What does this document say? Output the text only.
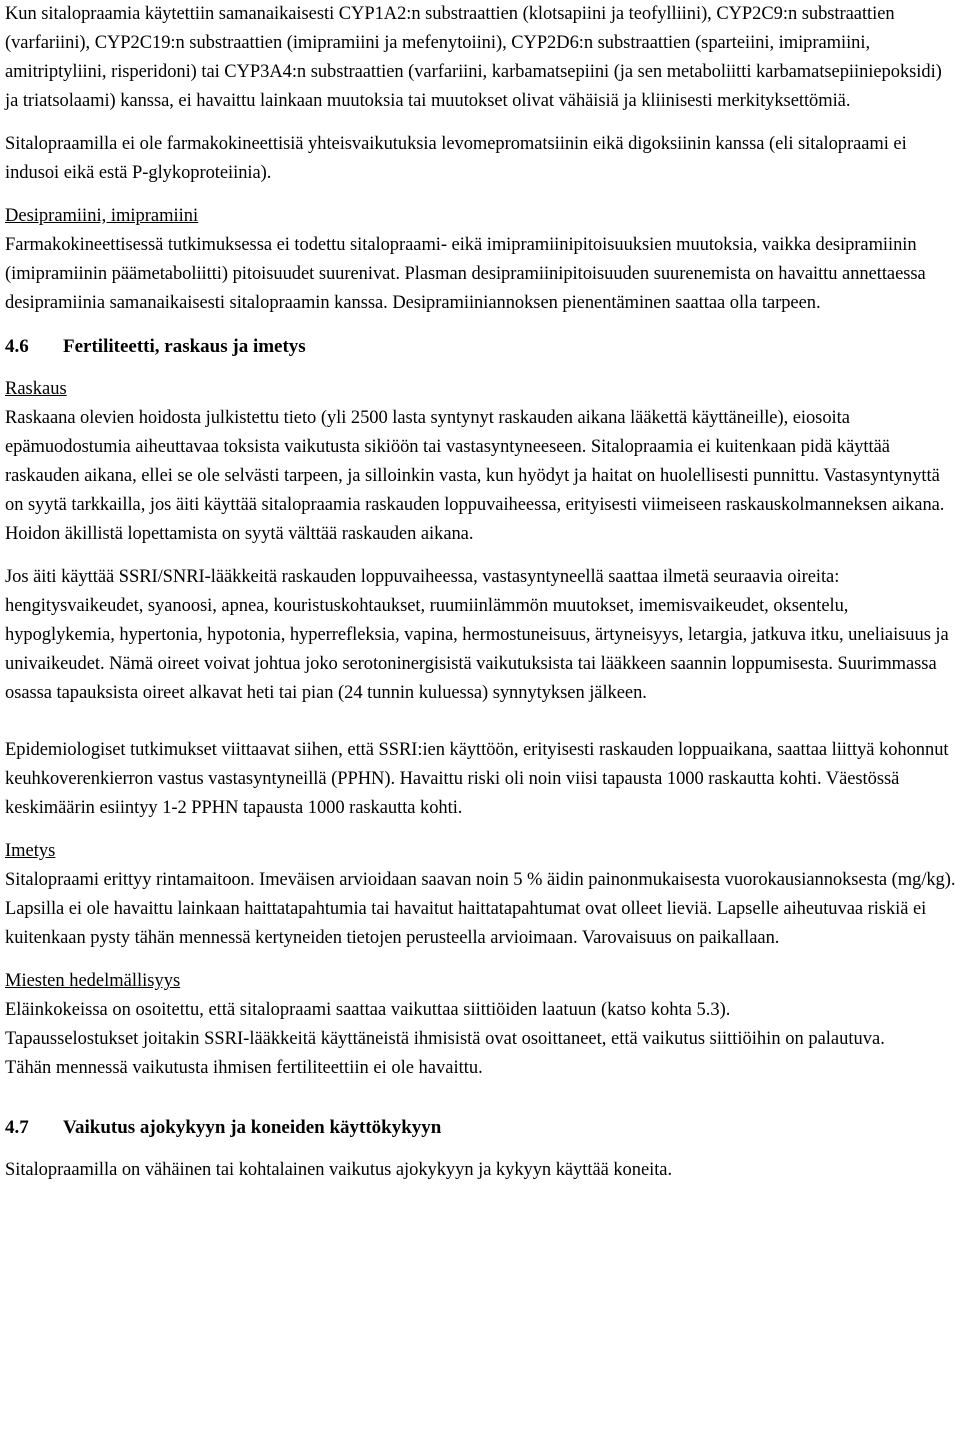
Kun sitalopraamia käytettiin samanaikaisesti CYP1A2:n substraattien (klotsapiini ja teofylliini), CYP2C9:n substraattien (varfariini), CYP2C19:n substraattien (imipramiini ja mefenytoiini), CYP2D6:n substraattien (sparteiini, imipramiini, amitriptyliini, risperidoni) tai CYP3A4:n substraattien (varfariini, karbamatsepiini (ja sen metaboliitti karbamatsepiiniepoksidi) ja triatsolaami) kanssa, ei havaittu lainkaan muutoksia tai muutokset olivat vähäisiä ja kliinisesti merkityksettömiä.

Sitalopraamilla ei ole farmakokineettisiä yhteisvaikutuksia levomepromatsiinin eikä digoksiinin kanssa (eli sitalopraami ei indusoi eikä estä P-glykoproteiinia).

Desipramiini, imipramiini

Farmakokineettisessä tutkimuksessa ei todettu sitalopraami- eikä imipramiinipitoisuuksien muutoksia, vaikka desipramiinin (imipramiinin päämetaboliitti) pitoisuudet suurenivat. Plasman desipramiinipitoisuuden suurenemista on havaittu annettaessa desipramiinia samanaikaisesti sitalopraamin kanssa. Desipramiiniannoksen pienentäminen saattaa olla tarpeen.

4.6 Fertiliteetti, raskaus ja imetys

Raskaus

Raskaana olevien hoidosta julkistettu tieto (yli 2500 lasta syntynyt raskauden aikana lääkettä käyttäneille), eiosoita epämuodostumia aiheuttavaa toksista vaikutusta sikiöön tai vastasyntyneeseen. Sitalopraamia ei kuitenkaan pidä käyttää raskauden aikana, ellei se ole selvästi tarpeen, ja silloinkin vasta, kun hyödyt ja haitat on huolellisesti punnittu. Vastasyntynyttä on syytä tarkkailla, jos äiti käyttää sitalopraamia raskauden loppuvaiheessa, erityisesti viimeiseen raskauskolmanneksen aikana. Hoidon äkillistä lopettamista on syytä välttää raskauden aikana.

Jos äiti käyttää SSRI/SNRI-lääkkeitä raskauden loppuvaiheessa, vastasyntyneellä saattaa ilmetä seuraavia oireita: hengitysvaikeudet, syanoosi, apnea, kouristuskohtaukset, ruumiinlämmön muutokset, imemisvaikeudet, oksentelu, hypoglykemia, hypertonia, hypotonia, hyperrefleksia, vapina, hermostuneisuus, ärtyneisyys, letargia, jatkuva itku, uneliaisuus ja univaikeudet. Nämä oireet voivat johtua joko serotoninergisistä vaikutuksista tai lääkkeen saannin loppumisesta. Suurimmassa osassa tapauksista oireet alkavat heti tai pian (24 tunnin kuluessa) synnytyksen jälkeen.

Epidemiologiset tutkimukset viittaavat siihen, että SSRI:ien käyttöön, erityisesti raskauden loppuaikana, saattaa liittyä kohonnut keuhkoverenkierron vastus vastasyntyneillä (PPHN). Havaittu riski oli noin viisi tapausta 1000 raskautta kohti. Väestössä keskimäärin esiintyy 1-2 PPHN tapausta 1000 raskautta kohti.

Imetys

Sitalopraami erittyy rintamaitoon. Imeväisen arvioidaan saavan noin 5 % äidin painonmukaisesta vuorokausiannoksesta (mg/kg). Lapsilla ei ole havaittu lainkaan haittatapahtumia tai havaitut haittatapahtumat ovat olleet lieviä. Lapselle aiheutuvaa riskiä ei kuitenkaan pysty tähän mennessä kertyneiden tietojen perusteella arvioimaan. Varovaisuus on paikallaan.

Miesten hedelmällisyys

Eläinkokeissa on osoitettu, että sitalopraami saattaa vaikuttaa siittiöiden laatuun (katso kohta 5.3).

Tapausselostukset joitakin SSRI-lääkkeitä käyttäneistä ihmisistä ovat osoittaneet, että vaikutus siittiöihin on palautuva.

Tähän mennessä vaikutusta ihmisen fertiliteettiin ei ole havaittu.

4.7 Vaikutus ajokykyyn ja koneiden käyttökykyyn

Sitalopraamilla on vähäinen tai kohtalainen vaikutus ajokykyyn ja kykyyn käyttää koneita.
